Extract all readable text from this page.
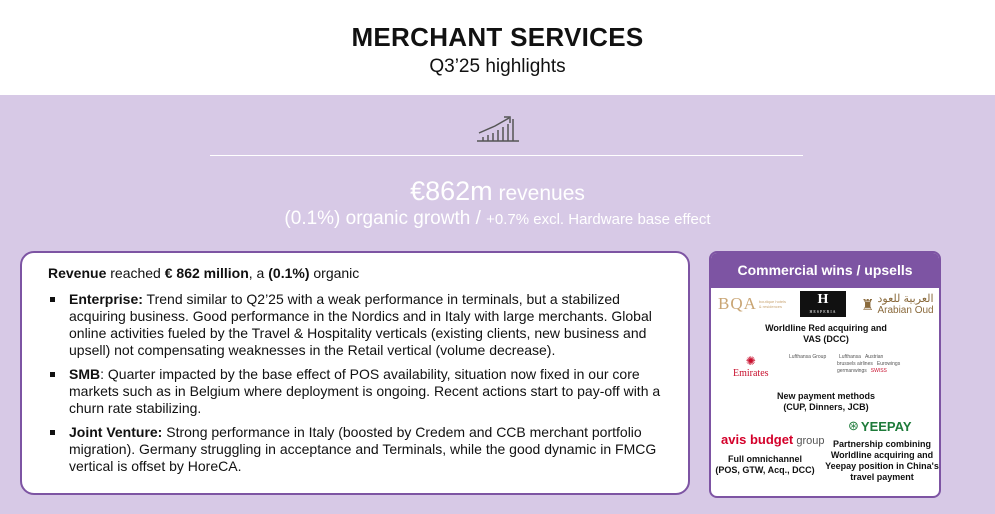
MERCHANT SERVICES
Q3’25 highlights
€862m revenues
(0.1%) organic growth / +0.7% excl. Hardware base effect
Revenue reached € 862 million, a (0.1%) organic
Enterprise: Trend similar to Q2’25 with a weak performance in terminals, but a stabilized acquiring business. Good performance in the Nordics and in Italy with large merchants. Global online activities fueled by the Travel & Hospitality verticals (existing clients, new business and upsell) not compensating weaknesses in the Retail vertical (volume decrease).
SMB: Quarter impacted by the base effect of POS availability, situation now fixed in our core markets such as in Belgium where deployment is ongoing. Recent actions start to pay-off with a churn rate stabilizing.
Joint Venture: Strong performance in Italy (boosted by Credem and CCB merchant portfolio migration). Germany struggling in acceptance and Terminals, while the good dynamic in FMCG vertical is offset by HoreCA.
Commercial wins / upsells
BQA boutique hotels & residences	H
HESPERIA	♜ العربية للعود
Arabian Oud
Worldline Red acquiring and VAS (DCC)
✺
Emirates
Lufthansa Group	Lufthansa Austrian
brussels airlines Eurowings
germanwings SWISS
New payment methods (CUP, Dinners, JCB)
avis budget group
Full omnichannel (POS, GTW, Acq., DCC)
⊛ YEEPAY
Partnership combining Worldline acquiring and Yeepay position in China's travel payment
